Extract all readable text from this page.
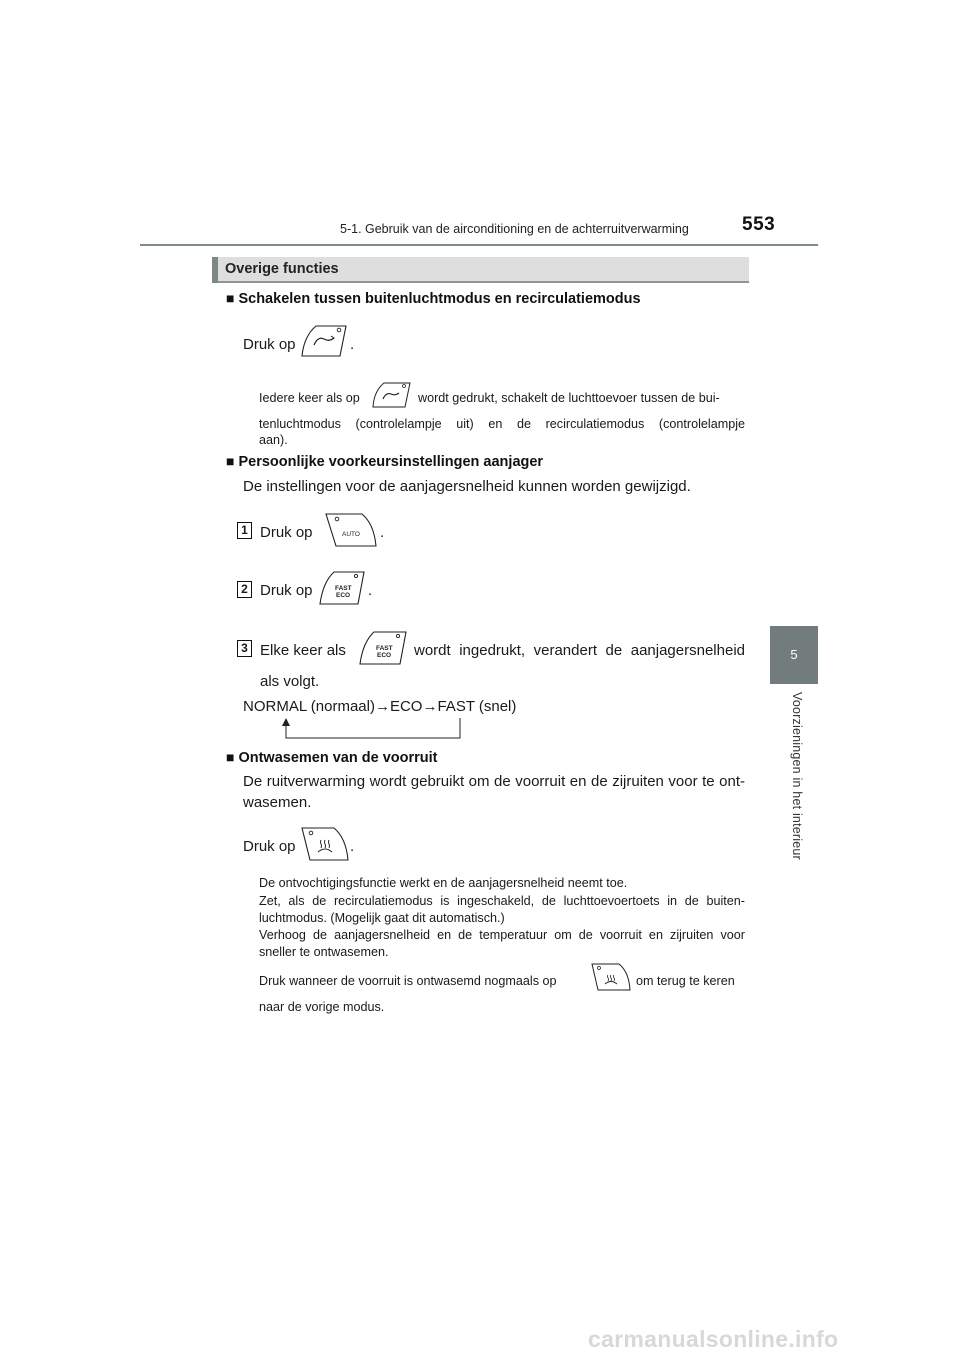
5-1. Gebruik van de airconditioning en de achterruitverwarming	553
5
Voorzieningen in het interieur
Overige functies
■ Schakelen tussen buitenluchtmodus en recirculatiemodus
Druk op	.
Iedere keer als op	wordt gedrukt, schakelt de luchttoevoer tussen de bui-
tenluchtmodus (controlelampje uit) en de recirculatiemodus (controlelampje
aan).
■ Persoonlijke voorkeursinstellingen aanjager
De instellingen voor de aanjagersnelheid kunnen worden gewijzigd.
1 Druk op	AUTO .
2 Druk op	FAST
ECO .
3 Elke keer als	FAST
ECO wordt ingedrukt, verandert de aanjagersnelheid
als volgt.
NORMAL (normaal)→ECO→FAST (snel)
■ Ontwasemen van de voorruit
De ruitverwarming wordt gebruikt om de voorruit en de zijruiten voor te ont-
wasemen.
Druk op	.
De ontvochtigingsfunctie werkt en de aanjagersnelheid neemt toe.
Zet, als de recirculatiemodus is ingeschakeld, de luchttoevoertoets in de buiten-
luchtmodus. (Mogelijk gaat dit automatisch.)
Verhoog de aanjagersnelheid en de temperatuur om de voorruit en zijruiten voor
sneller te ontwasemen.
Druk wanneer de voorruit is ontwasemd nogmaals op	om terug te keren
naar de vorige modus.
carmanualsonline.info
